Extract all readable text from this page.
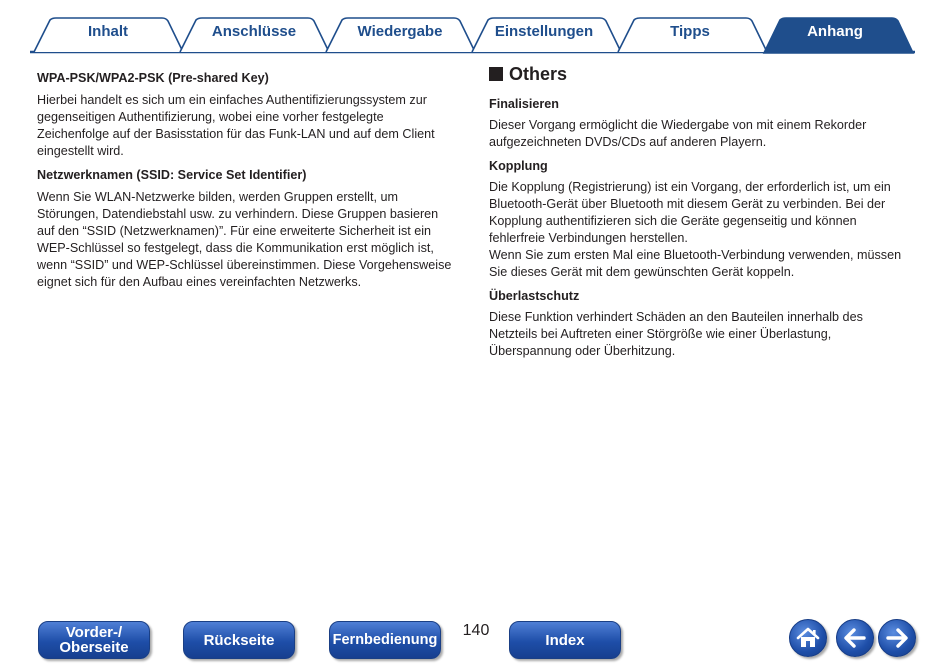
Inhalt	Anschlüsse	Wiedergabe	Einstellungen	Tipps	Anhang
WPA-PSK/WPA2-PSK (Pre-shared Key)
Hierbei handelt es sich um ein einfaches Authentifizierungssystem zur gegenseitigen Authentifizierung, wobei eine vorher festgelegte Zeichenfolge auf der Basisstation für das Funk-LAN und auf dem Client eingestellt wird.
Netzwerknamen (SSID: Service Set Identifier)
Wenn Sie WLAN-Netzwerke bilden, werden Gruppen erstellt, um Störungen, Datendiebstahl usw. zu verhindern. Diese Gruppen basieren auf den “SSID (Netzwerknamen)”. Für eine erweiterte Sicherheit ist ein WEP-Schlüssel so festgelegt, dass die Kommunikation erst möglich ist, wenn “SSID” und WEP-Schlüssel übereinstimmen. Diese Vorgehensweise eignet sich für den Aufbau eines vereinfachten Netzwerks.
Others
Finalisieren
Dieser Vorgang ermöglicht die Wiedergabe von mit einem Rekorder aufgezeichneten DVDs/CDs auf anderen Playern.
Kopplung
Die Kopplung (Registrierung) ist ein Vorgang, der erforderlich ist, um ein Bluetooth-Gerät über Bluetooth mit diesem Gerät zu verbinden. Bei der Kopplung authentifizieren sich die Geräte gegenseitig und können fehlerfreie Verbindungen herstellen.
Wenn Sie zum ersten Mal eine Bluetooth-Verbindung verwenden, müssen Sie dieses Gerät mit dem gewünschten Gerät koppeln.
Überlastschutz
Diese Funktion verhindert Schäden an den Bauteilen innerhalb des Netzteils bei Auftreten einer Störgröße wie einer Überlastung, Überspannung oder Überhitzung.
Vorder-/
Oberseite	Rückseite	Fernbedienung
140
Index
